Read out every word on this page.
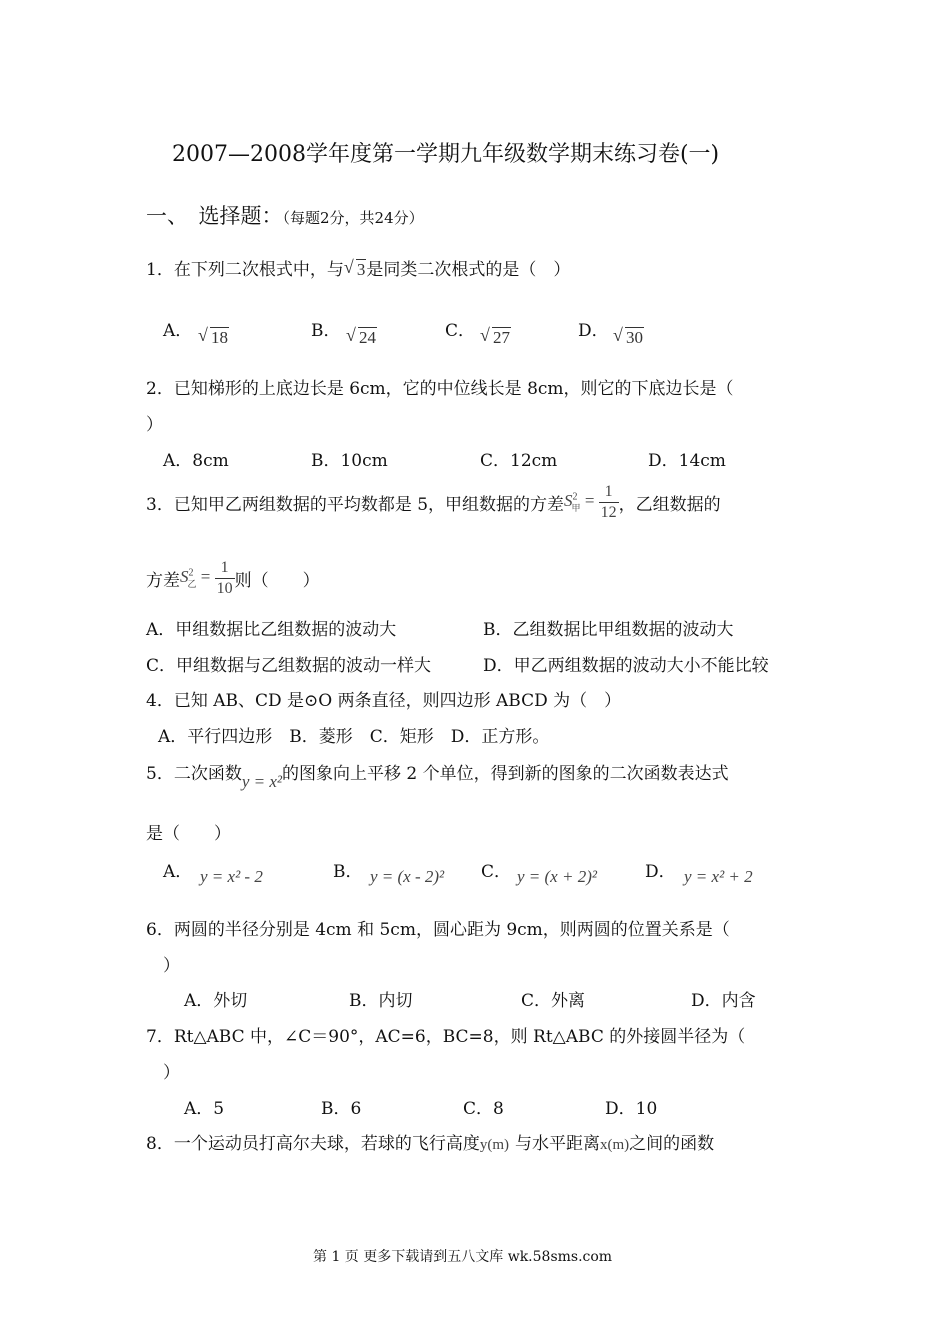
2007—2008学年度第一学期九年级数学期末练习卷(一)
一、　选择题：（每题2分，共24分）
1．在下列二次根式中，与 √ 3是同类二次根式的是（　）
A． √ 18	B． √ 24	C． √ 27	D． √ 30
2．已知梯形的上底边长是 6cm，它的中位线长是 8cm，则它的下底边长是（
）
A．8cm	B．10cm	C．12cm	D．14cm
3．已知甲乙两组数据的平均数都是 5，甲组数据的方差$S^2_甲 = \frac{1}{12}$ ，乙组数据的
方差$S^2_乙 = \frac{1}{10}$ 则（　　）
A．甲组数据比乙组数据的波动大	B．乙组数据比甲组数据的波动大
C．甲组数据与乙组数据的波动一样大	D．甲乙两组数据的波动大小不能比较
4．已知 AB、CD 是⊙O 两条直径，则四边形 ABCD 为（　）
A．平行四边形　B．菱形　C．矩形　D．正方形。
5．二次函数y = x²的图象向上平移 2 个单位，得到新的图象的二次函数表达式
是（　　）
A． y = x² - 2	B． y = (x - 2)² C． y = (x + 2)²	D． y = x² + 2
6．两圆的半径分别是 4cm 和 5cm，圆心距为 9cm，则两圆的位置关系是（
）
A．外切	B．内切	C．外离	D．内含
7．Rt△ABC 中，∠C＝90°，AC=6，BC=8，则 Rt△ABC 的外接圆半径为（
）
A．5	B．6	C．8	D．10
8．一个运动员打高尔夫球，若球的飞行高度y(m) 与水平距离x(m)之间的函数
第 1 页 更多下载请到五八文库 wk.58sms.com
